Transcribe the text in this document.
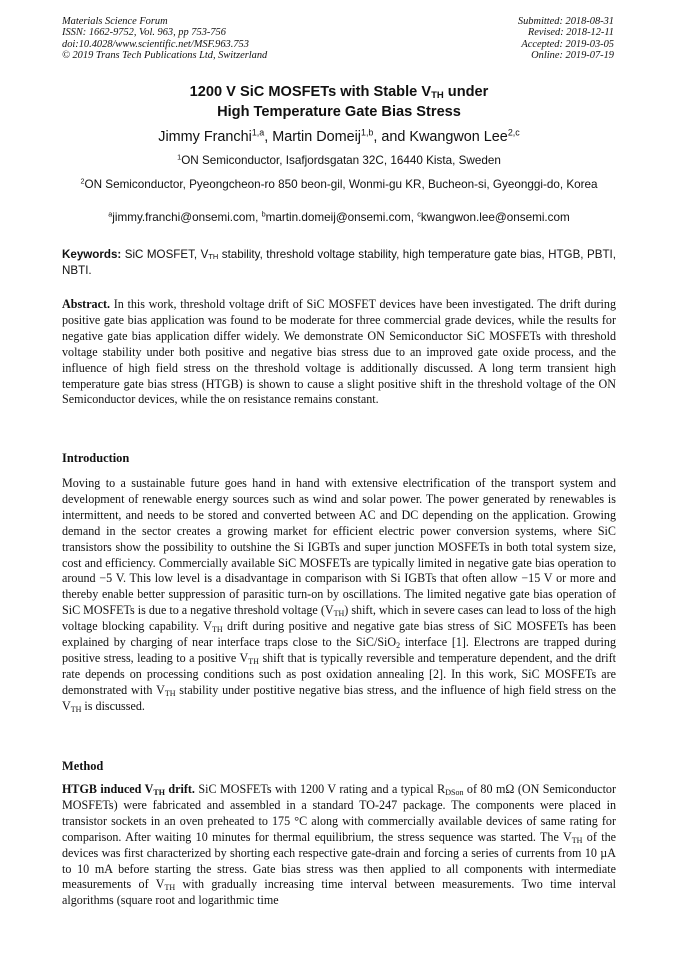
Materials Science Forum
ISSN: 1662-9752, Vol. 963, pp 753-756
doi:10.4028/www.scientific.net/MSF.963.753
© 2019 Trans Tech Publications Ltd, Switzerland
Submitted: 2018-08-31
Revised: 2018-12-11
Accepted: 2019-03-05
Online: 2019-07-19
1200 V SiC MOSFETs with Stable $V_{TH}$ under
High Temperature Gate Bias Stress
Jimmy Franchi$^{1,a}$, Martin Domeij$^{1,b}$, and Kwangwon Lee$^{2,c}$
$^1$ON Semiconductor, Isafjordsgatan 32C, 16440 Kista, Sweden
$^2$ON Semiconductor, Pyeongcheon-ro 850 beon-gil, Wonmi-gu KR, Bucheon-si, Gyeonggi-do, Korea
$^a$jimmy.franchi@onsemi.com, $^b$martin.domeij@onsemi.com, $^c$kwangwon.lee@onsemi.com
Keywords: SiC MOSFET, $V_{TH}$ stability, threshold voltage stability, high temperature gate bias, HTGB, PBTI, NBTI.
Abstract. In this work, threshold voltage drift of SiC MOSFET devices have been investigated. The drift during positive gate bias application was found to be moderate for three commercial grade devices, while the results for negative gate bias application differ widely. We demonstrate ON Semiconductor SiC MOSFETs with threshold voltage stability under both positive and negative bias stress due to an improved gate oxide process, and the influence of high field stress on the threshold voltage is additionally discussed. A long term transient high temperature gate bias stress (HTGB) is shown to cause a slight positive shift in the threshold voltage of the ON Semiconductor devices, while the on resistance remains constant.
Introduction
Moving to a sustainable future goes hand in hand with extensive electrification of the transport system and development of renewable energy sources such as wind and solar power. The power generated by renewables is intermittent, and needs to be stored and converted between AC and DC depending on the application. Growing demand in the sector creates a growing market for efficient electric power conversion systems, where SiC transistors show the possibility to outshine the Si IGBTs and super junction MOSFETs in both total system size, cost and efficiency. Commercially available SiC MOSFETs are typically limited in negative gate bias operation to around −5 V. This low level is a disadvantage in comparison with Si IGBTs that often allow −15 V or more and thereby enable better suppression of parasitic turn-on by oscillations. The limited negative gate bias operation of SiC MOSFETs is due to a negative threshold voltage $(V_{TH})$ shift, which in severe cases can lead to loss of the high voltage blocking capability. $V_{TH}$ drift during positive and negative gate bias stress of SiC MOSFETs has been explained by charging of near interface traps close to the SiC/SiO$_2$ interface [1]. Electrons are trapped during positive stress, leading to a positive $V_{TH}$ shift that is typically reversible and temperature dependent, and the drift rate depends on processing conditions such as post oxidation annealing [2]. In this work, SiC MOSFETs are demonstrated with $V_{TH}$ stability under postitive negative bias stress, and the influence of high field stress on the $V_{TH}$ is discussed.
Method
HTGB induced $V_{TH}$ drift. SiC MOSFETs with 1200 V rating and a typical $R_{DSon}$ of 80 mΩ (ON Semiconductor MOSFETs) were fabricated and assembled in a standard TO-247 package. The components were placed in transistor sockets in an oven preheated to 175 °C along with commercially available devices of same rating for comparison. After waiting 10 minutes for thermal equilibrium, the stress sequence was started. The $V_{TH}$ of the devices was first characterized by shorting each respective gate-drain and forcing a series of currents from 10 µA to 10 mA before starting the stress. Gate bias stress was then applied to all components with intermediate measurements of $V_{TH}$ with gradually increasing time interval between measurements. Two time interval algorithms (square root and logarithmic time
